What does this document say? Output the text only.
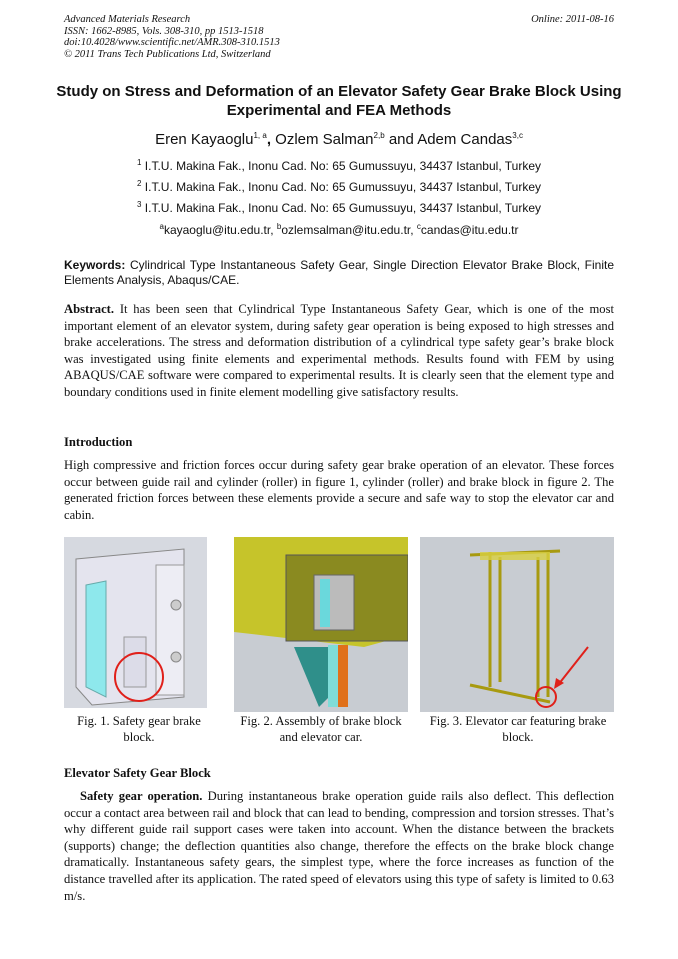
Advanced Materials Research
ISSN: 1662-8985, Vols. 308-310, pp 1513-1518
doi:10.4028/www.scientific.net/AMR.308-310.1513
© 2011 Trans Tech Publications Ltd, Switzerland
Online: 2011-08-16
Study on Stress and Deformation of an Elevator Safety Gear Brake Block Using Experimental and FEA Methods
Eren Kayaoglu$^{1, a}$, Ozlem Salman$^{2,b}$ and Adem Candas$^{3,c}$
$^1$ I.T.U. Makina Fak., Inonu Cad. No: 65 Gumussuyu, 34437 Istanbul, Turkey
$^2$ I.T.U. Makina Fak., Inonu Cad. No: 65 Gumussuyu, 34437 Istanbul, Turkey
$^3$ I.T.U. Makina Fak., Inonu Cad. No: 65 Gumussuyu, 34437 Istanbul, Turkey
$^a$kayaoglu@itu.edu.tr, $^b$ozlemsalman@itu.edu.tr, $^c$candas@itu.edu.tr
Keywords: Cylindrical Type Instantaneous Safety Gear, Single Direction Elevator Brake Block, Finite Elements Analysis, Abaqus/CAE.
Abstract. It has been seen that Cylindrical Type Instantaneous Safety Gear, which is one of the most important element of an elevator system, during safety gear operation is being exposed to high stresses and brake accelerations. The stress and deformation distribution of a cylindrical type safety gear’s brake block was investigated using finite elements and experimental methods. Results found with FEM by using ABAQUS/CAE software were compared to experimental results. It is clearly seen that the element type and boundary conditions used in finite element modelling give satisfactory results.
Introduction
High compressive and friction forces occur during safety gear brake operation of an elevator. These forces occur between guide rail and cylinder (roller) in figure 1, cylinder (roller) and brake block in figure 2. The generated friction forces between these elements provide a secure and safe way to stop the elevator car and cabin.
Fig. 1. Safety gear brake block.
Fig. 2. Assembly of brake block and elevator car.
Fig. 3. Elevator car featuring brake block.
Elevator Safety Gear Block
Safety gear operation. During instantaneous brake operation guide rails also deflect. This deflection occur a contact area between rail and block that can lead to bending, compression and torsion stresses. That’s why different guide rail support cases were taken into account. When the distance between the brackets (supports) change; the deflection quantities also change, therefore the effects on the brake block change dramatically. Instantaneous safety gears, the simplest type, where the force increases as function of the distance travelled after its application. The rated speed of elevators using this type of safety is limited to 0.63 m/s.
